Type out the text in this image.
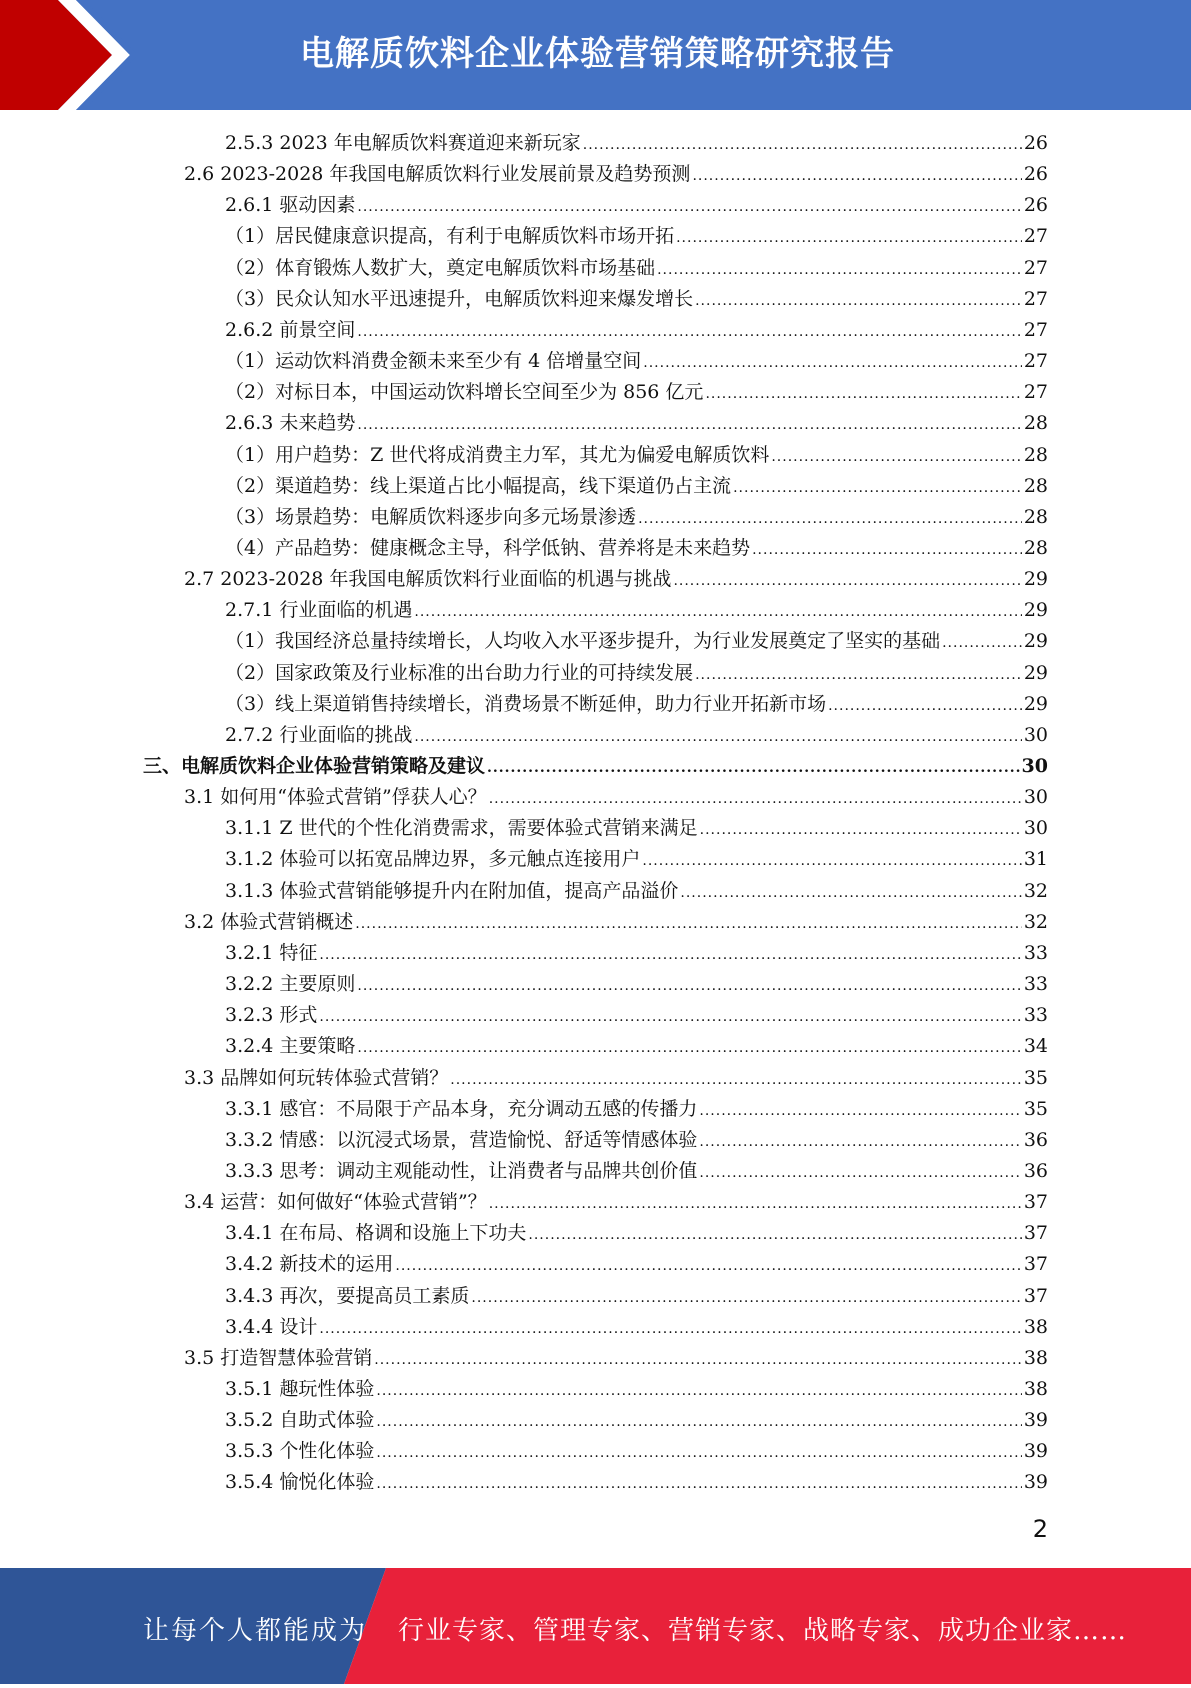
电解质饮料企业体验营销策略研究报告
2.5.3 2023 年电解质饮料赛道迎来新玩家 .....	26
2.6 2023-2028 年我国电解质饮料行业发展前景及趋势预测 .....	26
2.6.1 驱动因素 .....	26
（1）居民健康意识提高，有利于电解质饮料市场开拓 .....	27
（2）体育锻炼人数扩大，奠定电解质饮料市场基础 .....	27
（3）民众认知水平迅速提升，电解质饮料迎来爆发增长 .....	27
2.6.2 前景空间 .....	27
（1）运动饮料消费金额未来至少有 4 倍增量空间 .....	27
（2）对标日本，中国运动饮料增长空间至少为 856 亿元 .....	27
2.6.3 未来趋势 .....	28
（1）用户趋势：Z 世代将成消费主力军，其尤为偏爱电解质饮料 .....	28
（2）渠道趋势：线上渠道占比小幅提高，线下渠道仍占主流 .....	28
（3）场景趋势：电解质饮料逐步向多元场景渗透 .....	28
（4）产品趋势：健康概念主导，科学低钠、营养将是未来趋势 .....	28
2.7 2023-2028 年我国电解质饮料行业面临的机遇与挑战 .....	29
2.7.1 行业面临的机遇 .....	29
（1）我国经济总量持续增长，人均收入水平逐步提升，为行业发展奠定了坚实的基础 .....	29
（2）国家政策及行业标准的出台助力行业的可持续发展 .....	29
（3）线上渠道销售持续增长，消费场景不断延伸，助力行业开拓新市场 .....	29
2.7.2 行业面临的挑战 .....	30
三、电解质饮料企业体验营销策略及建议 .....	30
3.1 如何用“体验式营销”俘获人心？ .....	30
3.1.1 Z 世代的个性化消费需求，需要体验式营销来满足 .....	30
3.1.2 体验可以拓宽品牌边界，多元触点连接用户 .....	31
3.1.3 体验式营销能够提升内在附加值，提高产品溢价 .....	32
3.2 体验式营销概述 .....	32
3.2.1 特征 .....	33
3.2.2 主要原则 .....	33
3.2.3 形式 .....	33
3.2.4 主要策略 .....	34
3.3 品牌如何玩转体验式营销？ .....	35
3.3.1 感官：不局限于产品本身，充分调动五感的传播力 .....	35
3.3.2 情感：以沉浸式场景，营造愉悦、舒适等情感体验 .....	36
3.3.3 思考：调动主观能动性，让消费者与品牌共创价值 .....	36
3.4 运营：如何做好“体验式营销”？ .....	37
3.4.1 在布局、格调和设施上下功夫 .....	37
3.4.2 新技术的运用 .....	37
3.4.3 再次，要提高员工素质 .....	37
3.4.4 设计 .....	38
3.5 打造智慧体验营销 .....	38
3.5.1 趣玩性体验 .....	38
3.5.2 自助式体验 .....	39
3.5.3 个性化体验 .....	39
3.5.4 愉悦化体验 .....	39
2
让每个人都能成为 行业专家、管理专家、营销专家、战略专家、成功企业家……
